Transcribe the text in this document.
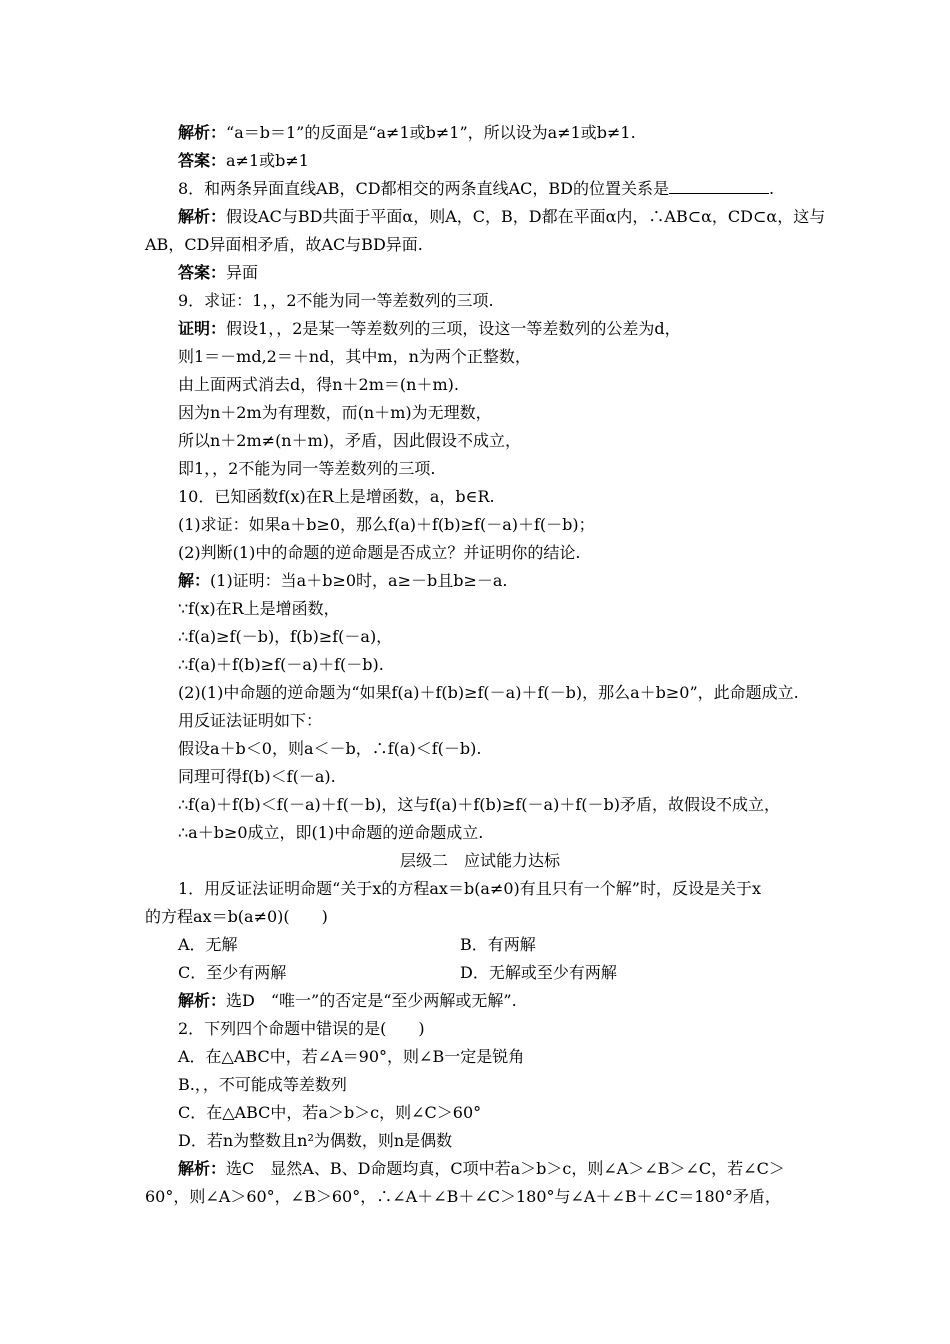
解析：“a＝b＝1”的反面是“a≠1或b≠1”，所以设为a≠1或b≠1.
答案：a≠1或b≠1
8．和两条异面直线AB，CD都相交的两条直线AC，BD的位置关系是	.
解析：假设AC与BD共面于平面α，则A，C，B，D都在平面α内，∴AB⊂α，CD⊂α，这与
AB，CD异面相矛盾，故AC与BD异面.
答案：异面
9．求证：1，，2不能为同一等差数列的三项.
证明：假设1，，2是某一等差数列的三项，设这一等差数列的公差为d，
则1＝－md,2＝＋nd，其中m，n为两个正整数，
由上面两式消去d，得n＋2m＝(n＋m).
因为n＋2m为有理数，而(n＋m)为无理数，
所以n＋2m≠(n＋m)，矛盾，因此假设不成立，
即1，，2不能为同一等差数列的三项.
10．已知函数f(x)在R上是增函数，a，b∈R.
(1)求证：如果a＋b≥0，那么f(a)＋f(b)≥f(－a)＋f(－b)；
(2)判断(1)中的命题的逆命题是否成立？并证明你的结论.
解：(1)证明：当a＋b≥0时，a≥－b且b≥－a.
∵f(x)在R上是增函数，
∴f(a)≥f(－b)，f(b)≥f(－a)，
∴f(a)＋f(b)≥f(－a)＋f(－b).
(2)(1)中命题的逆命题为“如果f(a)＋f(b)≥f(－a)＋f(－b)，那么a＋b≥0”，此命题成立.
用反证法证明如下：
假设a＋b＜0，则a＜－b，∴f(a)＜f(－b).
同理可得f(b)＜f(－a).
∴f(a)＋f(b)＜f(－a)＋f(－b)，这与f(a)＋f(b)≥f(－a)＋f(－b)矛盾，故假设不成立，
∴a＋b≥0成立，即(1)中命题的逆命题成立.
层级二　应试能力达标
1．用反证法证明命题“关于x的方程ax＝b(a≠0)有且只有一个解”时，反设是关于x
的方程ax＝b(a≠0)(　　)
A．无解	B．有两解
C．至少有两解	D．无解或至少有两解
解析：选D　“唯一”的否定是“至少两解或无解”.
2．下列四个命题中错误的是(　　)
A．在△ABC中，若∠A＝90°，则∠B一定是锐角
B.，，不可能成等差数列
C．在△ABC中，若a＞b＞c，则∠C＞60°
D．若n为整数且n²为偶数，则n是偶数
解析：选C　显然A、B、D命题均真，C项中若a＞b＞c，则∠A＞∠B＞∠C，若∠C＞
60°，则∠A＞60°，∠B＞60°，∴∠A＋∠B＋∠C＞180°与∠A＋∠B＋∠C＝180°矛盾，
